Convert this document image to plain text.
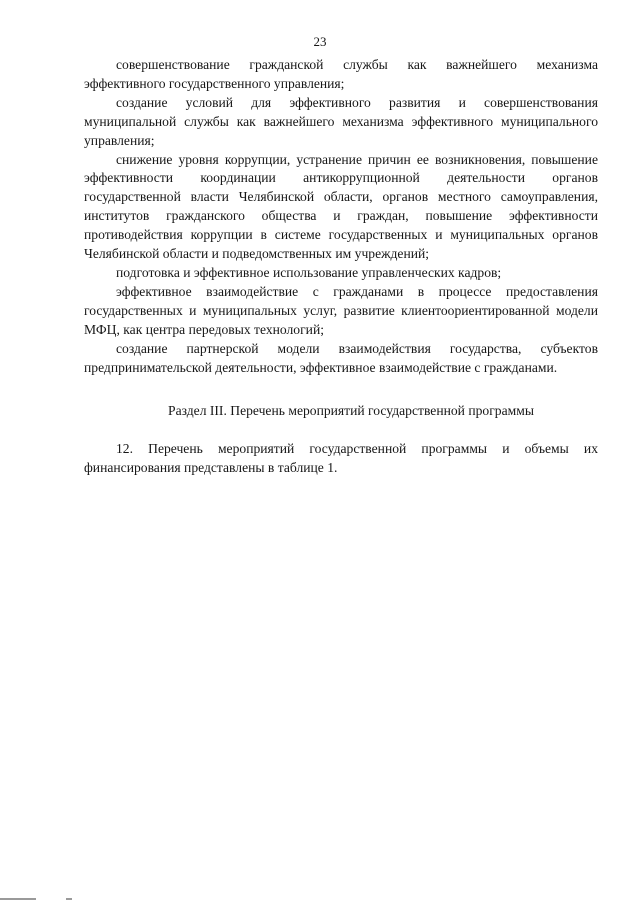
23

совершенствование гражданской службы как важнейшего механизма эффективного государственного управления;

создание условий для эффективного развития и совершенствования муниципальной службы как важнейшего механизма эффективного муниципального управления;

снижение уровня коррупции, устранение причин ее возникновения, повышение эффективности координации антикоррупционной деятельности органов государственной власти Челябинской области, органов местного самоуправления, институтов гражданского общества и граждан, повышение эффективности противодействия коррупции в системе государственных и муниципальных органов Челябинской области и подведомственных им учреждений;

подготовка и эффективное использование управленческих кадров;

эффективное взаимодействие с гражданами в процессе предоставления государственных и муниципальных услуг, развитие клиентоориентированной модели МФЦ, как центра передовых технологий;

создание партнерской модели взаимодействия государства, субъектов предпринимательской деятельности, эффективное взаимодействие с гражданами.

Раздел III. Перечень мероприятий государственной программы

12. Перечень мероприятий государственной программы и объемы их финансирования представлены в таблице 1.
